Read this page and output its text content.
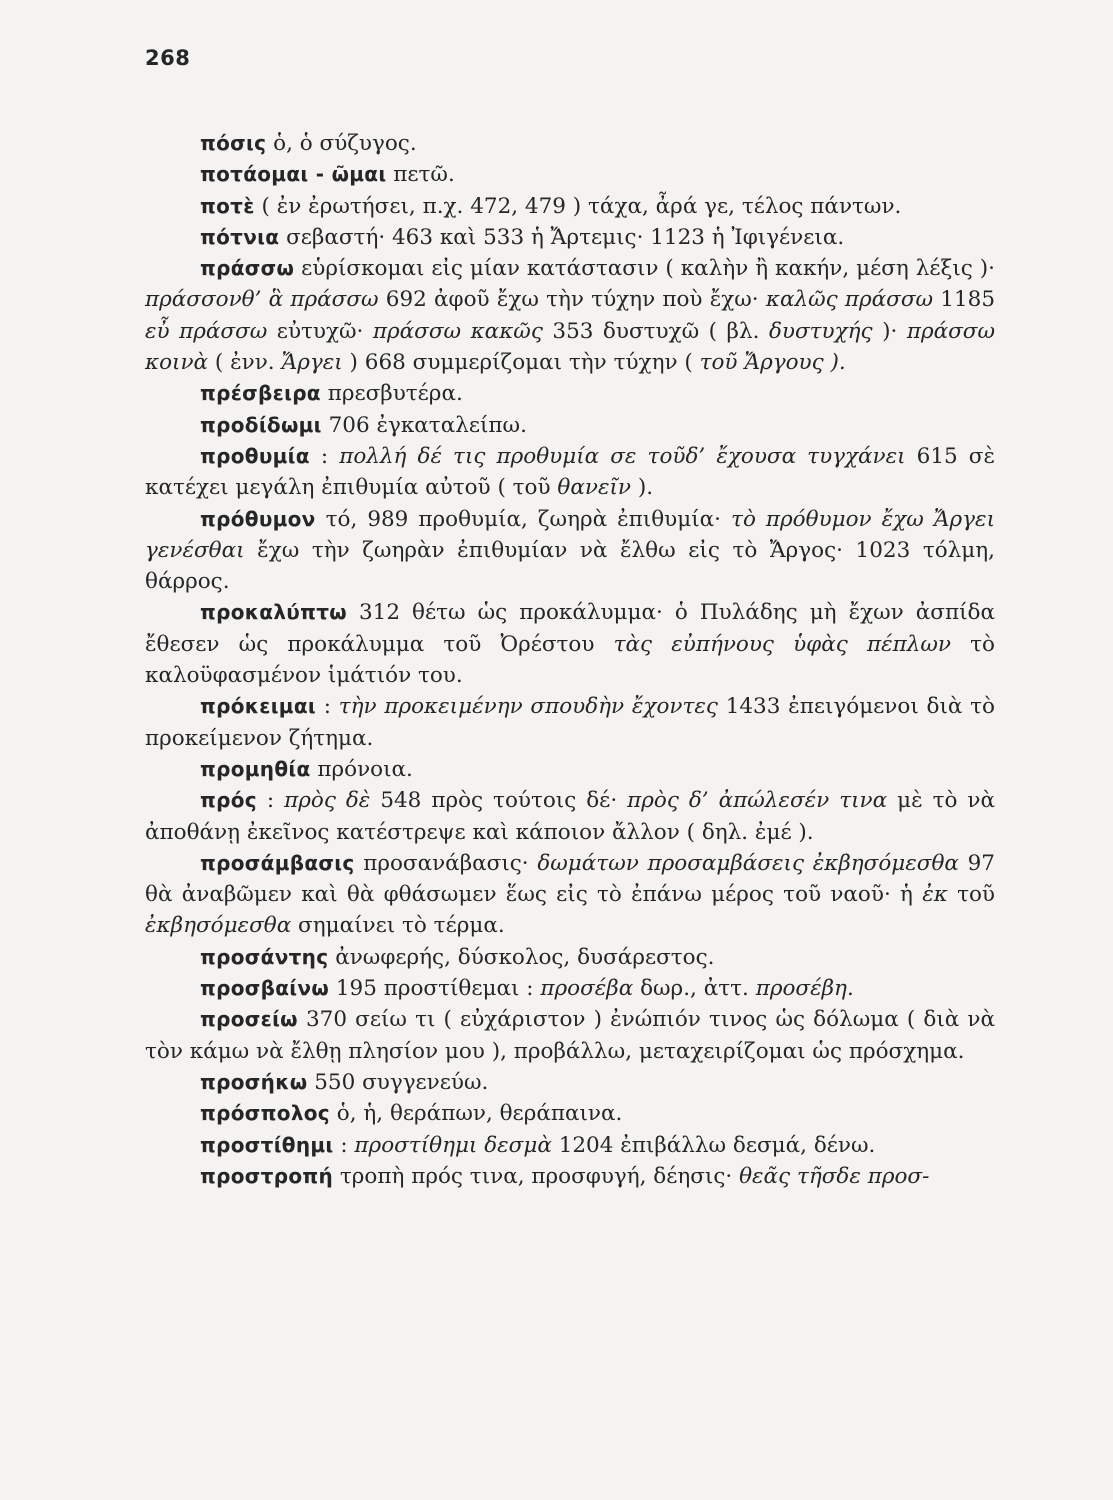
268

πόσις ὁ, ὁ σύζυγος.

ποτάομαι - ῶμαι πετῶ.

ποτὲ ( ἐν ἐρωτήσει, π.χ. 472, 479 ) τάχα, ἆρά γε, τέλος πάντων.

πότνια σεβαστή· 463 καὶ 533 ἡ Ἄρτεμις· 1123 ἡ Ἰφιγένεια.

πράσσω εὑρίσκομαι εἰς μίαν κατάστασιν ( καλὴν ἢ κακήν, μέση λέξις )· πράσσονθ’ ἃ πράσσω 692 ἀφοῦ ἔχω τὴν τύχην ποὺ ἔχω· καλῶς πράσσω 1185 εὖ πράσσω εὐτυχῶ· πράσσω κακῶς 353 δυστυχῶ ( βλ. δυστυχής )· πράσσω κοινὰ ( ἐνν. Ἄργει ) 668 συμμερίζομαι τὴν τύχην ( τοῦ Ἄργους ).

πρέσβειρα πρεσβυτέρα.

προδίδωμι 706 ἐγκαταλείπω.

προθυμία : πολλή δέ τις προθυμία σε τοῦδ’ ἔχουσα τυγχάνει 615 σὲ κατέχει μεγάλη ἐπιθυμία αὐτοῦ ( τοῦ θανεῖν ).

πρόθυμον τό, 989 προθυμία, ζωηρὰ ἐπιθυμία· τὸ πρόθυμον ἔχω Ἄργει γενέσθαι ἔχω τὴν ζωηρὰν ἐπιθυμίαν νὰ ἔλθω εἰς τὸ Ἄργος· 1023 τόλμη, θάρρος.

προκαλύπτω 312 θέτω ὡς προκάλυμμα· ὁ Πυλάδης μὴ ἔχων ἀσπίδα ἔθεσεν ὡς προκάλυμμα τοῦ Ὀρέστου τὰς εὐπήνους ὑφὰς πέπλων τὸ καλοϋφασμένον ἱμάτιόν του.

πρόκειμαι : τὴν προκειμένην σπουδὴν ἔχοντες 1433 ἐπειγόμενοι διὰ τὸ προκείμενον ζήτημα.

προμηθία πρόνοια.

πρός : πρὸς δὲ 548 πρὸς τούτοις δέ· πρὸς δ’ ἀπώλεσέν τινα μὲ τὸ νὰ ἀποθάνῃ ἐκεῖνος κατέστρεψε καὶ κάποιον ἄλλον ( δηλ. ἐμέ ).

προσάμβασις προσανάβασις· δωμάτων προσαμβάσεις ἐκβησόμεσθα 97 θὰ ἀναβῶμεν καὶ θὰ φθάσωμεν ἕως εἰς τὸ ἐπάνω μέρος τοῦ ναοῦ· ἡ ἐκ τοῦ ἐκβησόμεσθα σημαίνει τὸ τέρμα.

προσάντης ἀνωφερής, δύσκολος, δυσάρεστος.

προσβαίνω 195 προστίθεμαι : προσέβα δωρ., ἀττ. προσέβη.

προσείω 370 σείω τι ( εὐχάριστον ) ἐνώπιόν τινος ὡς δόλωμα ( διὰ νὰ τὸν κάμω νὰ ἔλθῃ πλησίον μου ), προβάλλω, μεταχειρίζομαι ὡς πρόσχημα.

προσήκω 550 συγγενεύω.

πρόσπολος ὁ, ἡ, θεράπων, θεράπαινα.

προστίθημι : προστίθημι δεσμὰ 1204 ἐπιβάλλω δεσμά, δένω.

προστροπή τροπὴ πρός τινα, προσφυγή, δέησις· θεᾶς τῆσδε προσ-
